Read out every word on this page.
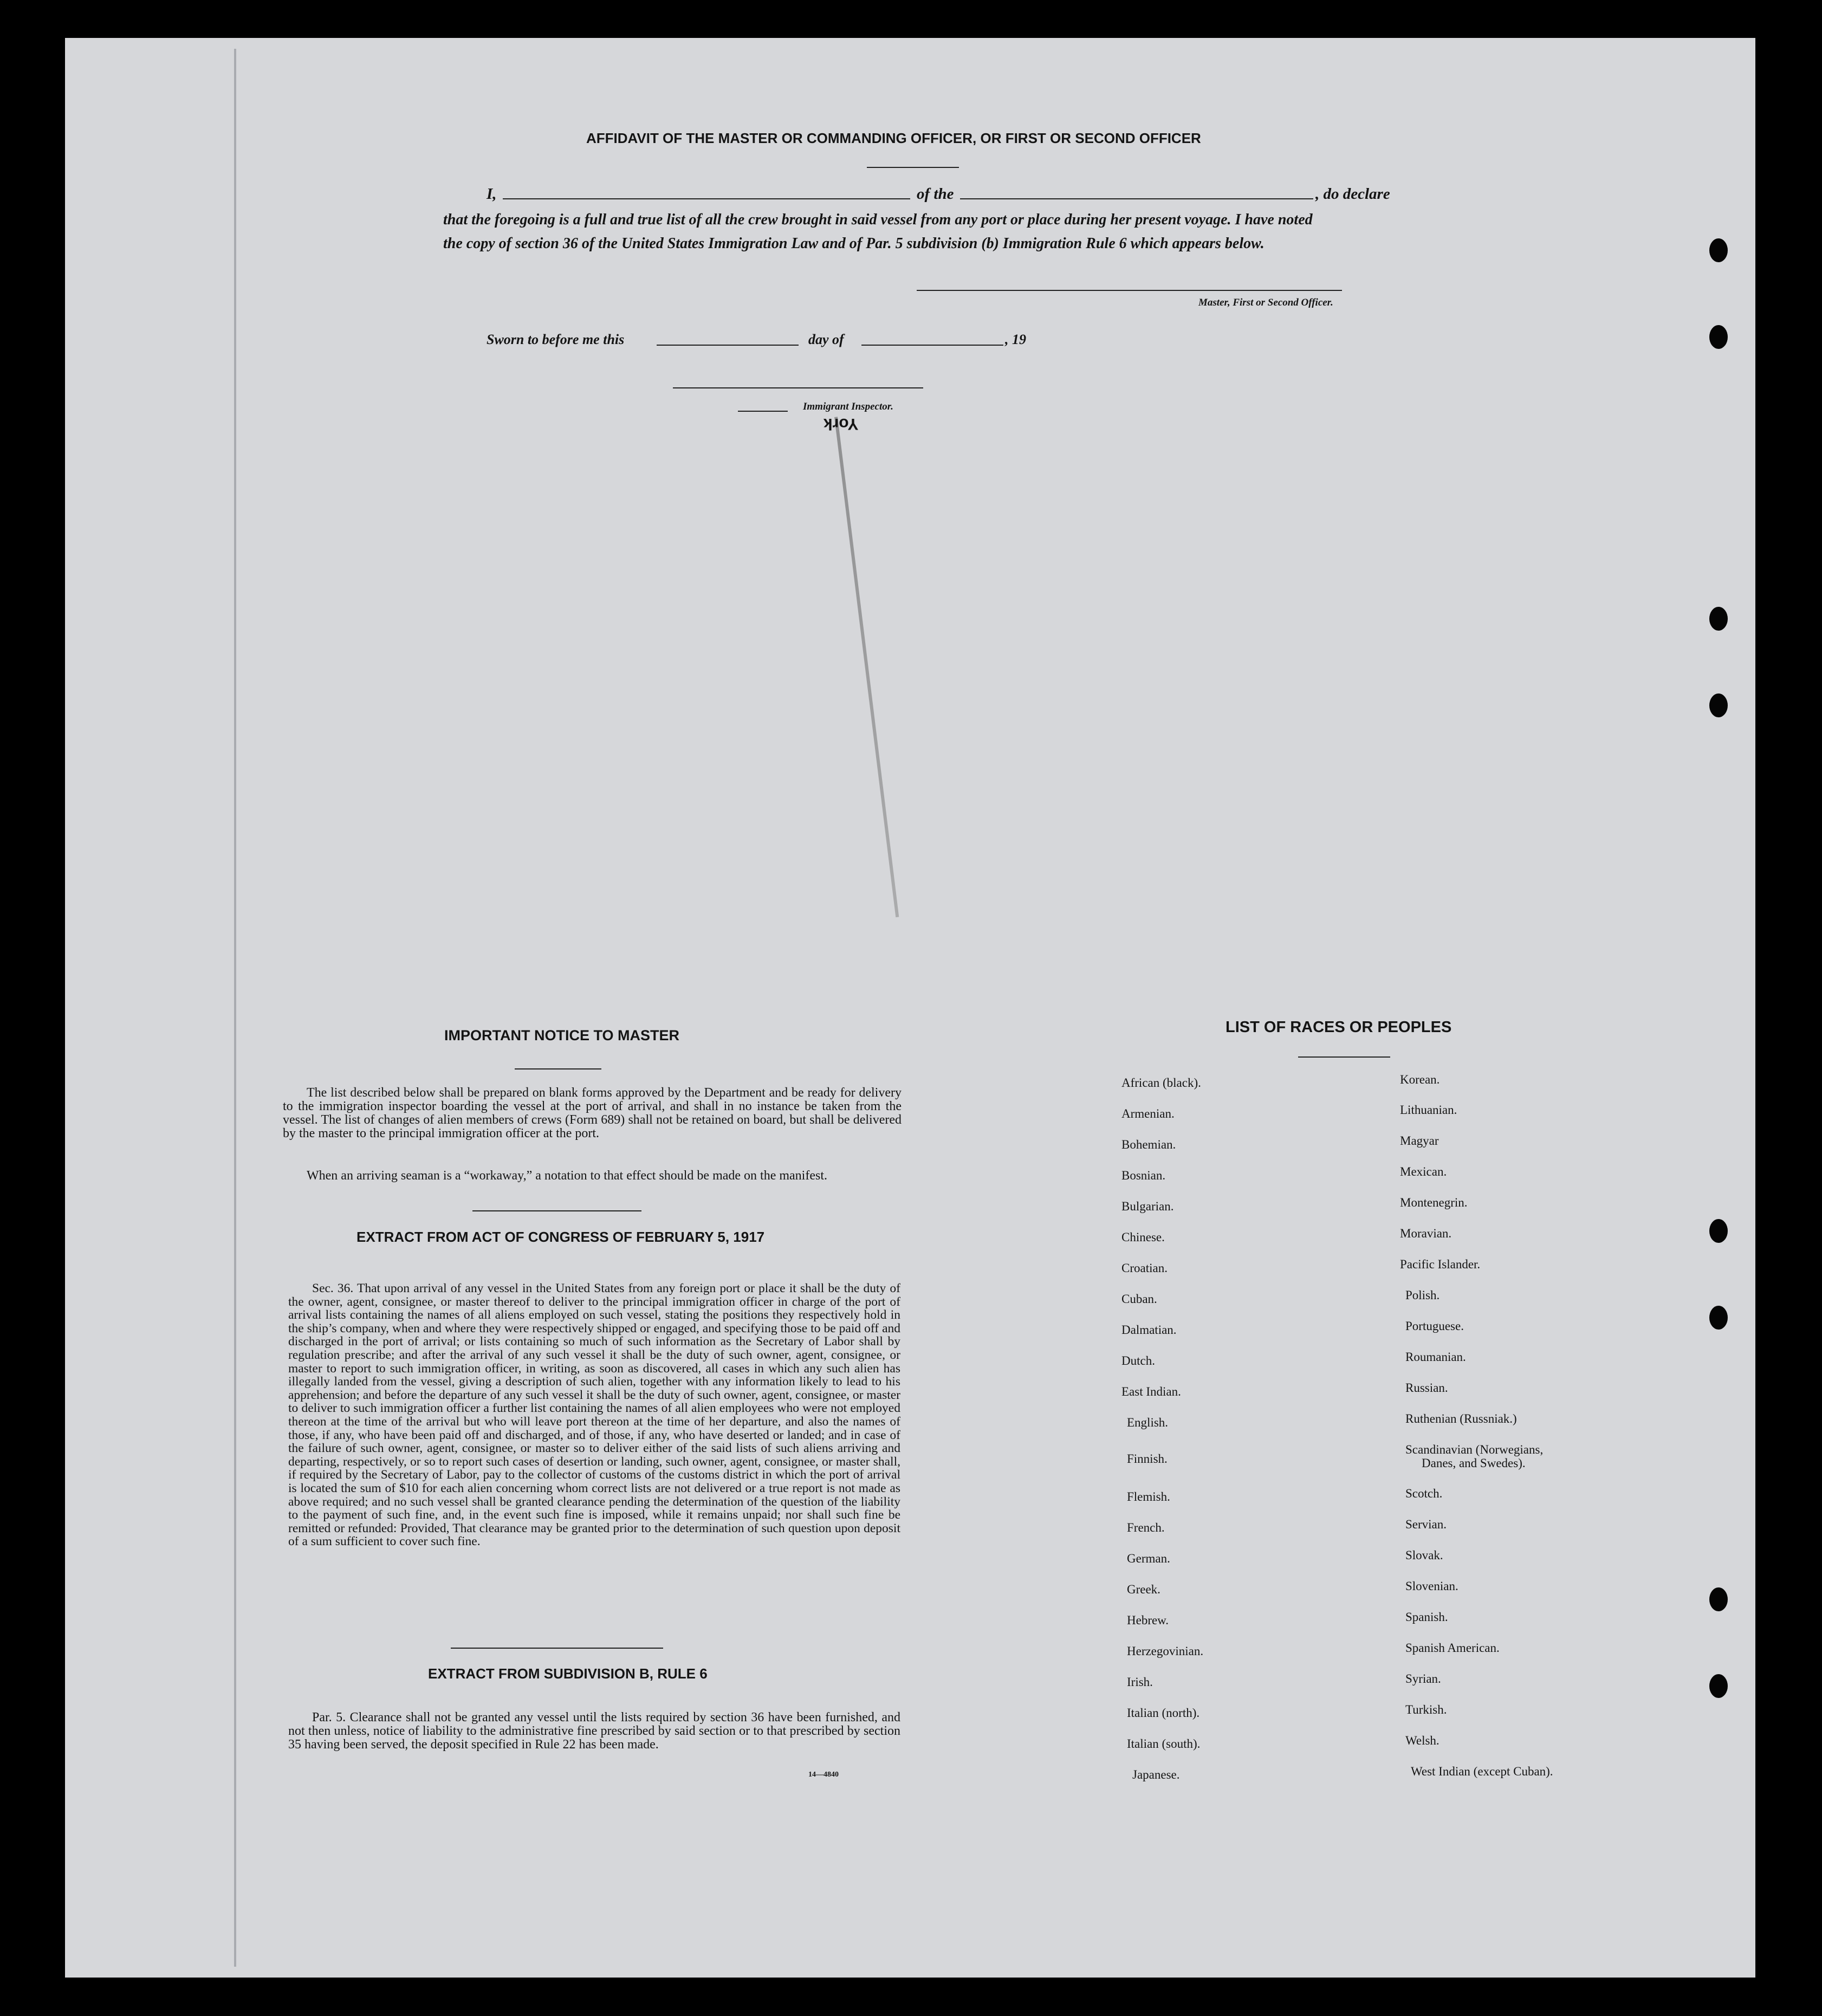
York
AFFIDAVIT OF THE MASTER OR COMMANDING OFFICER, OR FIRST OR SECOND OFFICER
I,	of the	, do declare
that the foregoing is a full and true list of all the crew brought in said vessel from any port or place during her present voyage. I have noted
the copy of section 36 of the United States Immigration Law and of Par. 5 subdivision (b) Immigration Rule 6 which appears below.
Master, First or Second Officer.
Sworn to before me this	day of	, 19
Immigrant Inspector.
IMPORTANT NOTICE TO MASTER
The list described below shall be prepared on blank forms approved by the Department and be ready for delivery to the immigration inspector boarding the vessel at the port of arrival, and shall in no instance be taken from the vessel. The list of changes of alien members of crews (Form 689) shall not be retained on board, but shall be delivered by the master to the principal immigration officer at the port.
When an arriving seaman is a “workaway,” a notation to that effect should be made on the manifest.
EXTRACT FROM ACT OF CONGRESS OF FEBRUARY 5, 1917
Sec. 36. That upon arrival of any vessel in the United States from any foreign port or place it shall be the duty of the owner, agent, consignee, or master thereof to deliver to the principal immigration officer in charge of the port of arrival lists containing the names of all aliens employed on such vessel, stating the positions they respectively hold in the ship’s company, when and where they were respectively shipped or engaged, and specifying those to be paid off and discharged in the port of arrival; or lists containing so much of such information as the Secretary of Labor shall by regulation prescribe; and after the arrival of any such vessel it shall be the duty of such owner, agent, consignee, or master to report to such immigration officer, in writing, as soon as discovered, all cases in which any such alien has illegally landed from the vessel, giving a description of such alien, together with any information likely to lead to his apprehension; and before the departure of any such vessel it shall be the duty of such owner, agent, consignee, or master to deliver to such immigration officer a further list containing the names of all alien employees who were not employed thereon at the time of the arrival but who will leave port thereon at the time of her departure, and also the names of those, if any, who have been paid off and discharged, and of those, if any, who have deserted or landed; and in case of the failure of such owner, agent, consignee, or master so to deliver either of the said lists of such aliens arriving and departing, respectively, or so to report such cases of desertion or landing, such owner, agent, consignee, or master shall, if required by the Secretary of Labor, pay to the collector of customs of the customs district in which the port of arrival is located the sum of $10 for each alien concerning whom correct lists are not delivered or a true report is not made as above required; and no such vessel shall be granted clearance pending the determination of the question of the liability to the payment of such fine, and, in the event such fine is imposed, while it remains unpaid; nor shall such fine be remitted or refunded: Provided, That clearance may be granted prior to the determination of such question upon deposit of a sum sufficient to cover such fine.
EXTRACT FROM SUBDIVISION B, RULE 6
Par. 5. Clearance shall not be granted any vessel until the lists required by section 36 have been furnished, and not then unless, notice of liability to the administrative fine prescribed by said section or to that prescribed by section 35 having been served, the deposit specified in Rule 22 has been made.
14—4840
LIST OF RACES OR PEOPLES
African (black).
Armenian.
Bohemian.
Bosnian.
Bulgarian.
Chinese.
Croatian.
Cuban.
Dalmatian.
Dutch.
East Indian.
English.
Finnish.
Flemish.
French.
German.
Greek.
Hebrew.
Herzegovinian.
Irish.
Italian (north).
Italian (south).
Japanese.
Korean.
Lithuanian.
Magyar
Mexican.
Montenegrin.
Moravian.
Pacific Islander.
Polish.
Portuguese.
Roumanian.
Russian.
Ruthenian (Russniak.)
Scandinavian (Norwegians,
Danes, and Swedes).
Scotch.
Servian.
Slovak.
Slovenian.
Spanish.
Spanish American.
Syrian.
Turkish.
Welsh.
West Indian (except Cuban).
